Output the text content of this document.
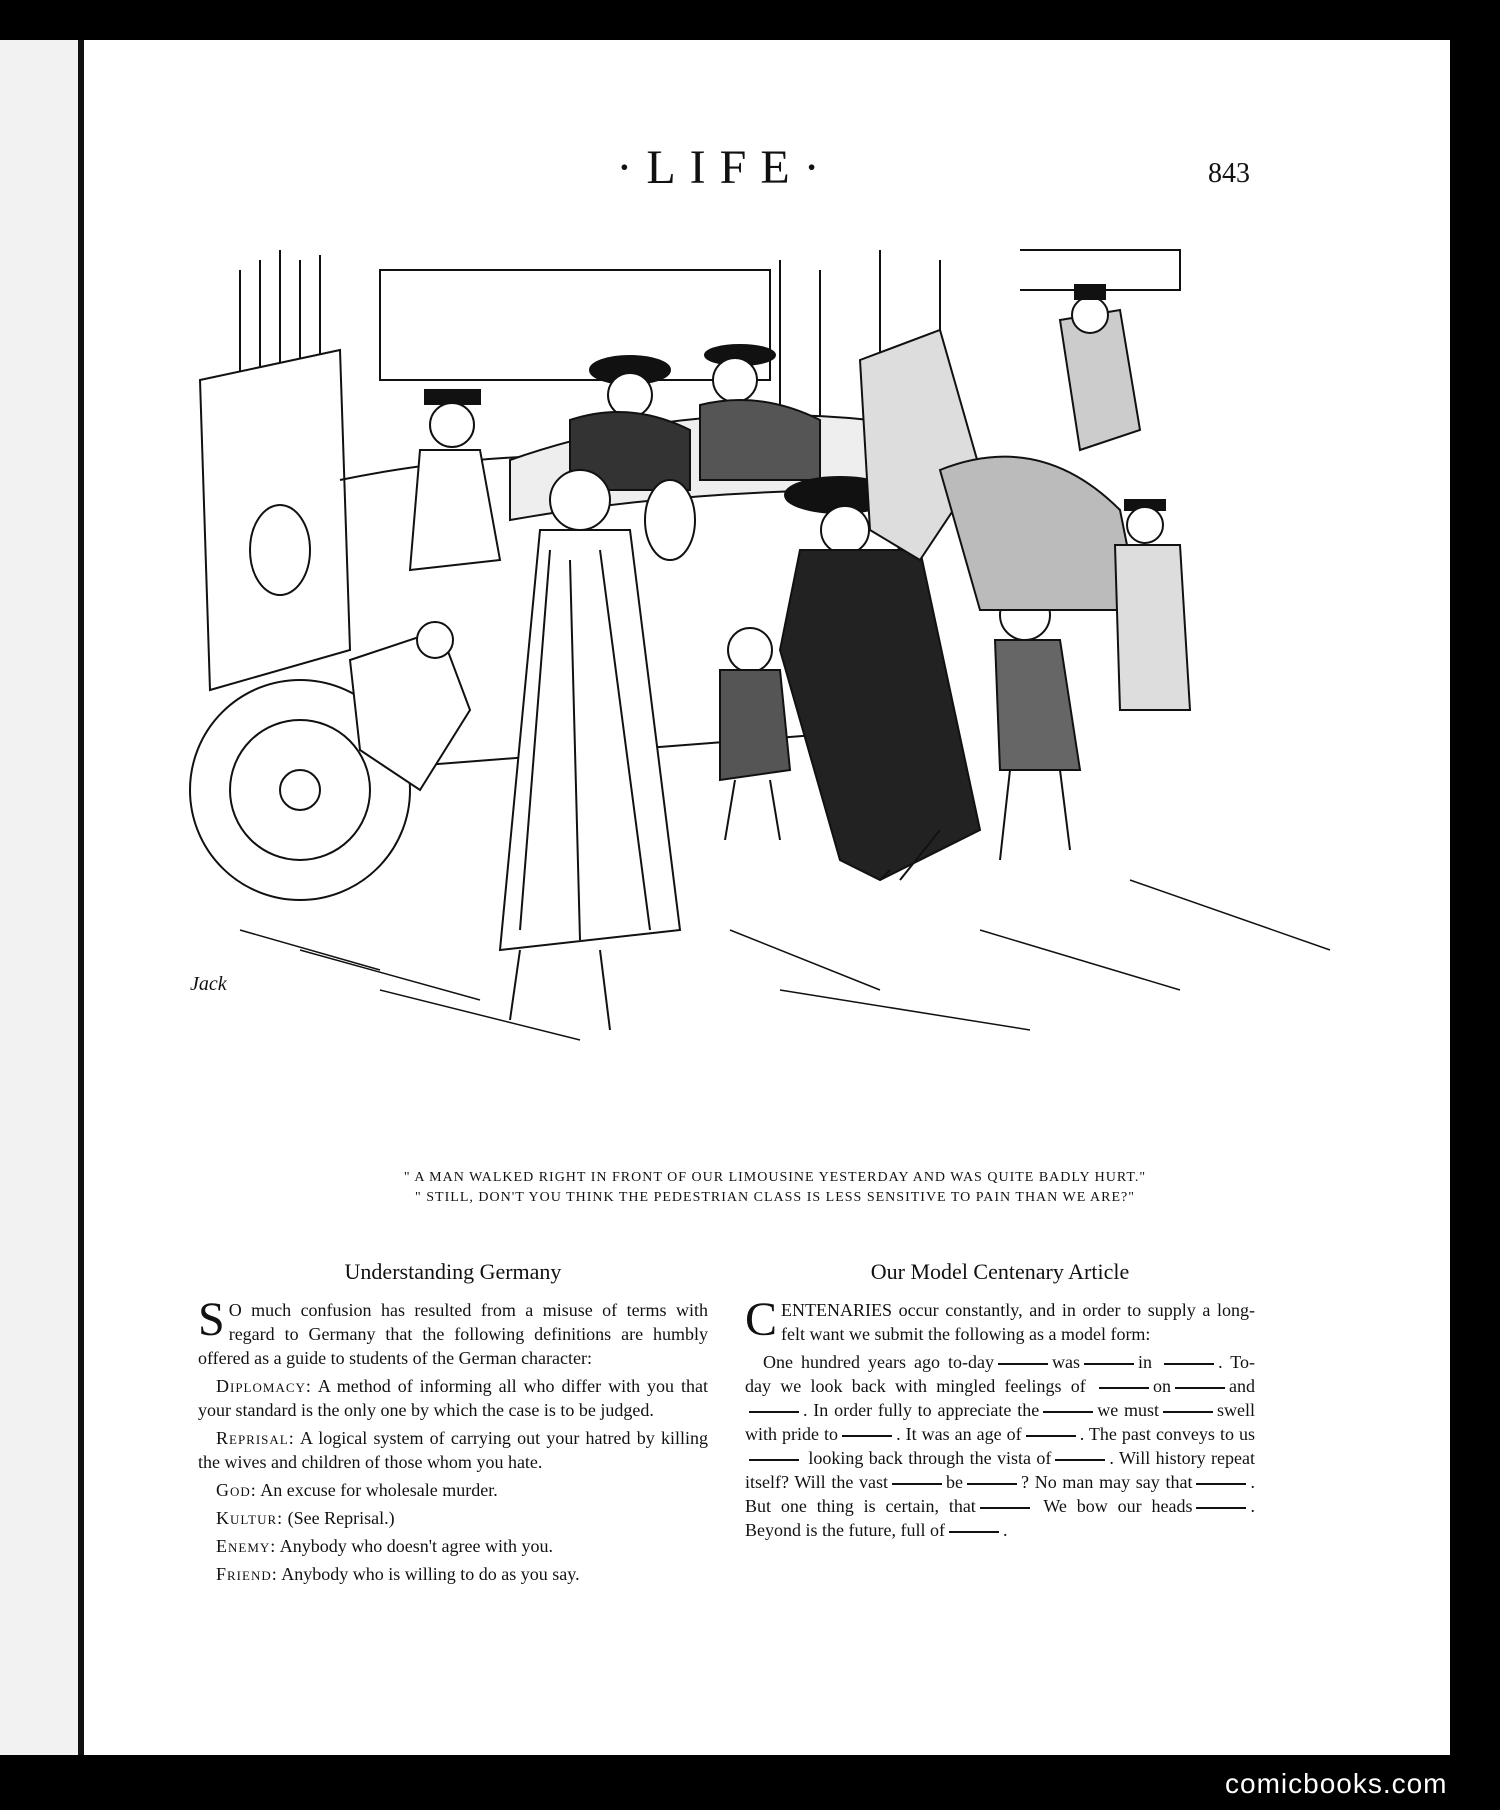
·LIFE·	843
Jack
" A MAN WALKED RIGHT IN FRONT OF OUR LIMOUSINE YESTERDAY AND WAS QUITE BADLY HURT."
" STILL, DON'T YOU THINK THE PEDESTRIAN CLASS IS LESS SENSITIVE TO PAIN THAN WE ARE?"
Understanding Germany

S O much confusion has resulted from a misuse of terms with regard to Germany that the following definitions are humbly offered as a guide to students of the German character:

Diplomacy: A method of informing all who differ with you that your standard is the only one by which the case is to be judged.

Reprisal: A logical system of carrying out your hatred by killing the wives and children of those whom you hate.

God: An excuse for wholesale murder.

Kultur: (See Reprisal.)

Enemy: Anybody who doesn't agree with you.

Friend: Anybody who is willing to do as you say.

Our Model Centenary Article

CENTENARIES occur constantly, and in order to supply a long-felt want we submit the following as a model form:

One hundred years ago to-day	was	in	. To-day we look back with mingled feelings of	on	and. In order fully to appreciate the	we must	swell with pride to	. It was an age of	. The past conveys to us looking back through the vista of	. Will history repeat itself? Will the vast	be	? No man may say that	. But one thing is certain, that	We bow our heads	. Beyond is the future, full of	.

comicbooks.com
